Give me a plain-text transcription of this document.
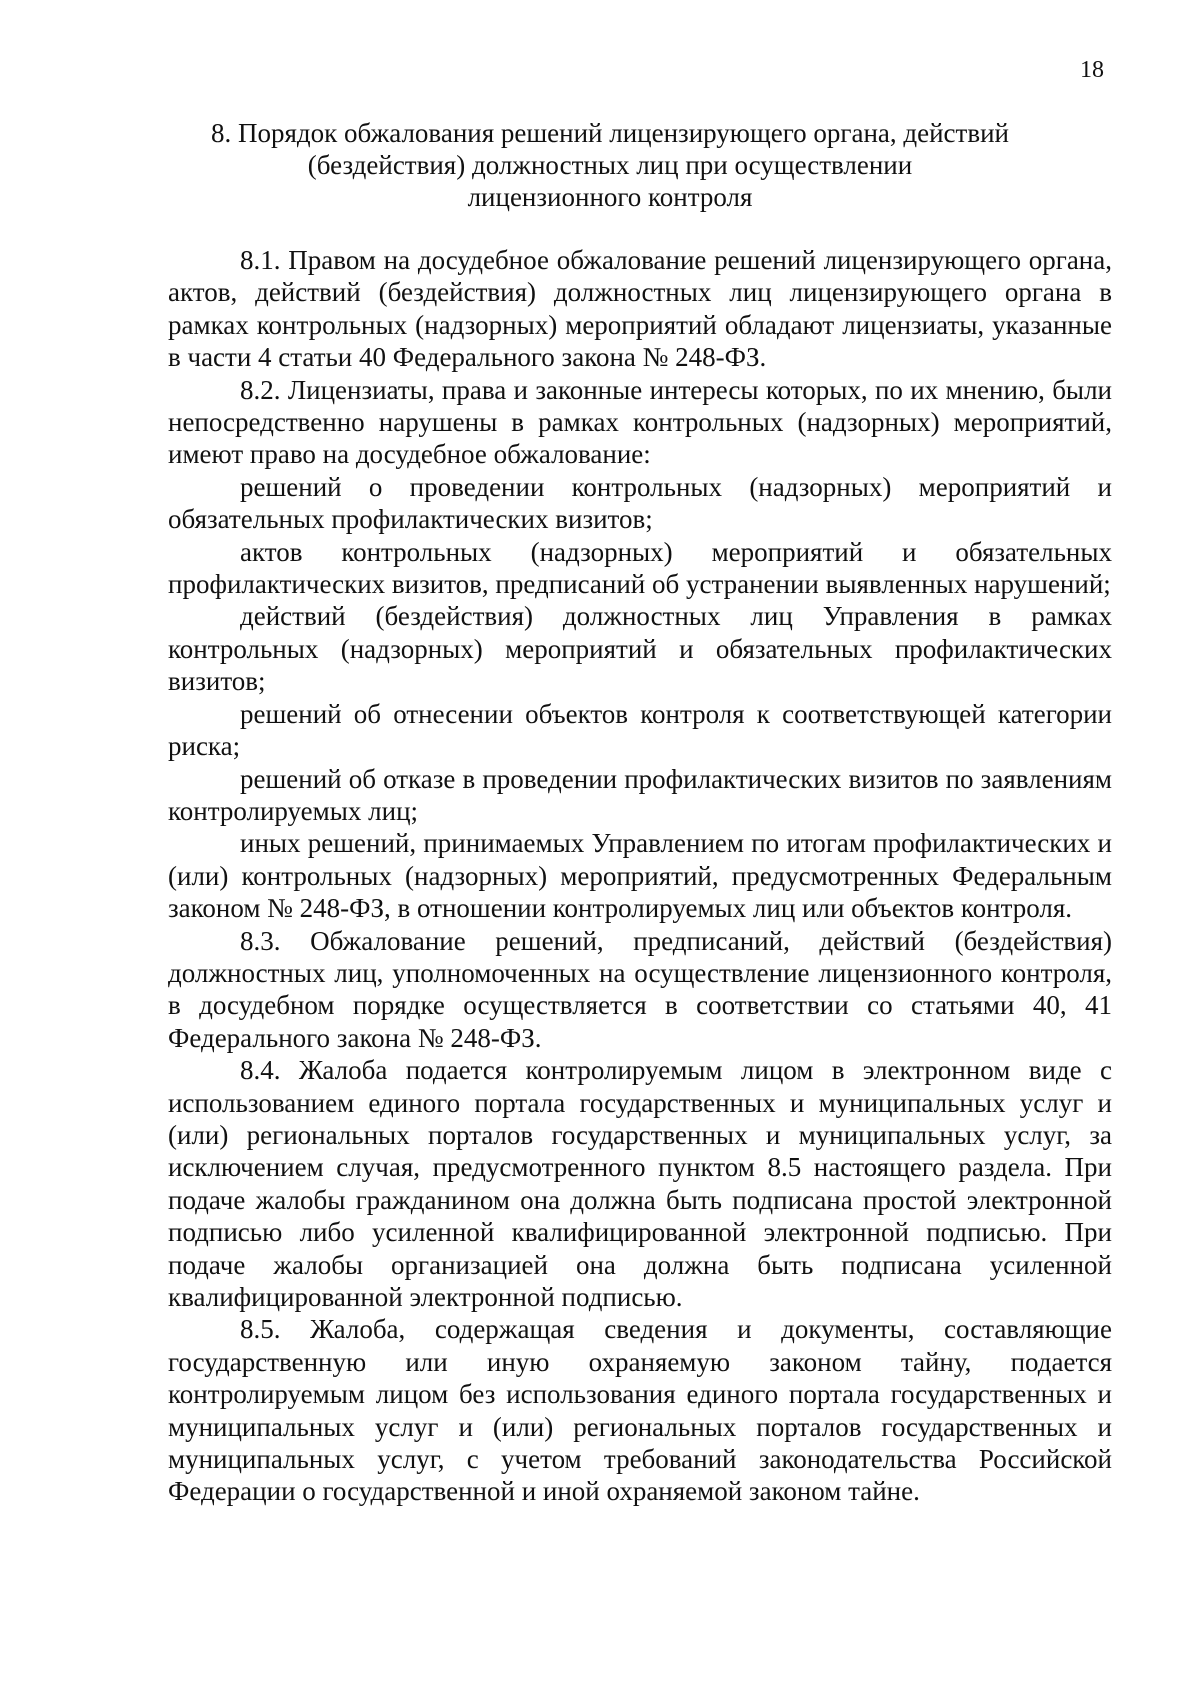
18
8. Порядок обжалования решений лицензирующего органа, действий
(бездействия) должностных лиц при осуществлении
лицензионного контроля

8.1. Правом на досудебное обжалование решений лицензирующего органа, актов, действий (бездействия) должностных лиц лицензирующего органа в рамках контрольных (надзорных) мероприятий обладают лицензиаты, указанные в части 4 статьи 40 Федерального закона № 248-ФЗ.

8.2. Лицензиаты, права и законные интересы которых, по их мнению, были непосредственно нарушены в рамках контрольных (надзорных) мероприятий, имеют право на досудебное обжалование:

решений о проведении контрольных (надзорных) мероприятий и обязательных профилактических визитов;

актов контрольных (надзорных) мероприятий и обязательных профилактических визитов, предписаний об устранении выявленных нарушений;

действий (бездействия) должностных лиц Управления в рамках контрольных (надзорных) мероприятий и обязательных профилактических визитов;

решений об отнесении объектов контроля к соответствующей категории риска;

решений об отказе в проведении профилактических визитов по заявлениям контролируемых лиц;

иных решений, принимаемых Управлением по итогам профилактических и (или) контрольных (надзорных) мероприятий, предусмотренных Федеральным законом № 248-ФЗ, в отношении контролируемых лиц или объектов контроля.

8.3. Обжалование решений, предписаний, действий (бездействия) должностных лиц, уполномоченных на осуществление лицензионного контроля, в досудебном порядке осуществляется в соответствии со статьями 40, 41 Федерального закона № 248-ФЗ.

8.4. Жалоба подается контролируемым лицом в электронном виде с использованием единого портала государственных и муниципальных услуг и (или) региональных порталов государственных и муниципальных услуг, за исключением случая, предусмотренного пунктом 8.5 настоящего раздела. При подаче жалобы гражданином она должна быть подписана простой электронной подписью либо усиленной квалифицированной электронной подписью. При подаче жалобы организацией она должна быть подписана усиленной квалифицированной электронной подписью.

8.5. Жалоба, содержащая сведения и документы, составляющие государственную или иную охраняемую законом тайну, подается контролируемым лицом без использования единого портала государственных и муниципальных услуг и (или) региональных порталов государственных и муниципальных услуг, с учетом требований законодательства Российской Федерации о государственной и иной охраняемой законом тайне.
